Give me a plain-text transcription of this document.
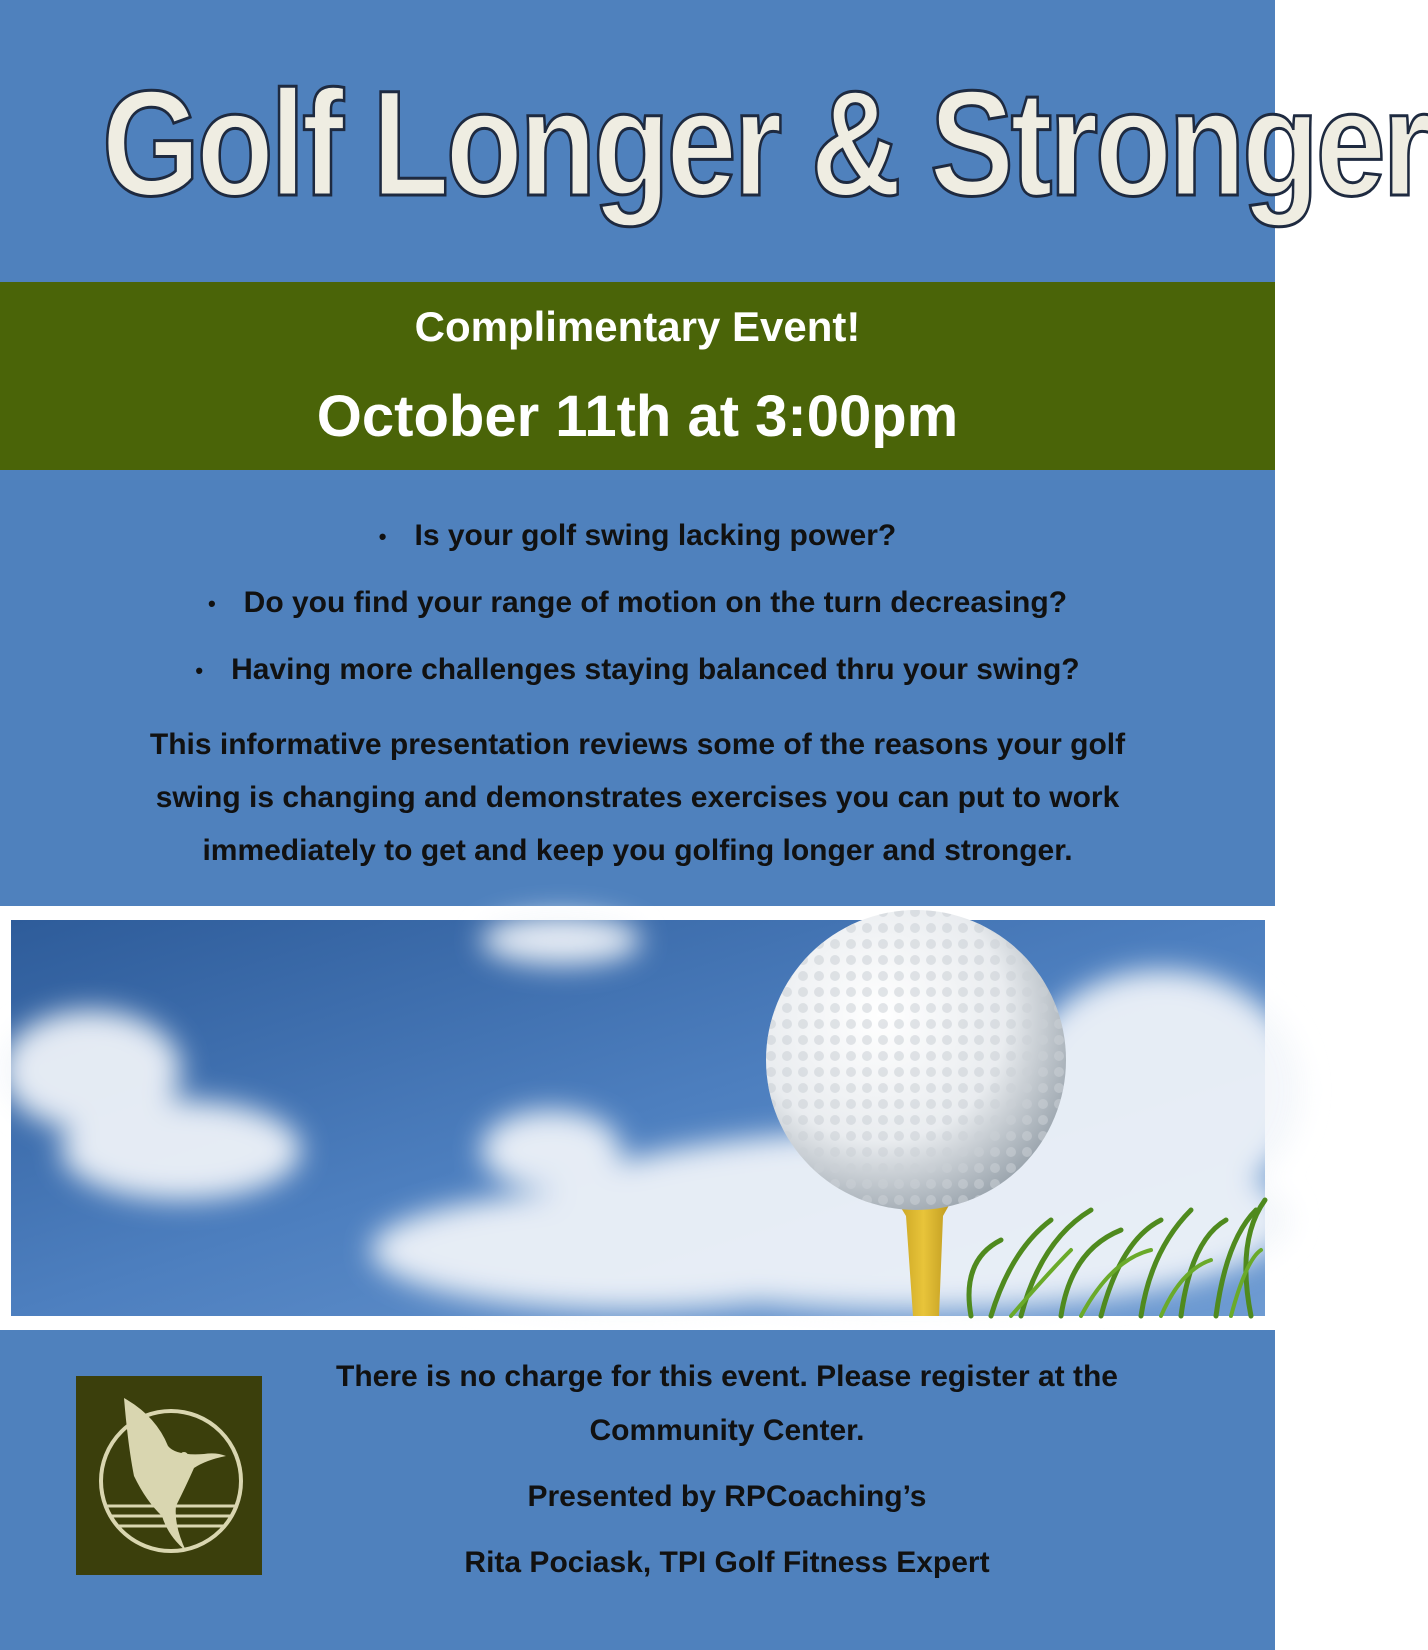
Golf Longer & Stronger
Complimentary Event!
October 11th at 3:00pm
• Is your golf swing lacking power?
• Do you find your range of motion on the turn decreasing?
• Having more challenges staying balanced thru your swing?
This informative presentation reviews some of the reasons your golf
swing is changing and demonstrates exercises you can put to work
immediately to get and keep you golfing longer and stronger.
There is no charge for this event. Please register at the
Community Center.
Presented by RPCoaching’s
Rita Pociask, TPI Golf Fitness Expert
